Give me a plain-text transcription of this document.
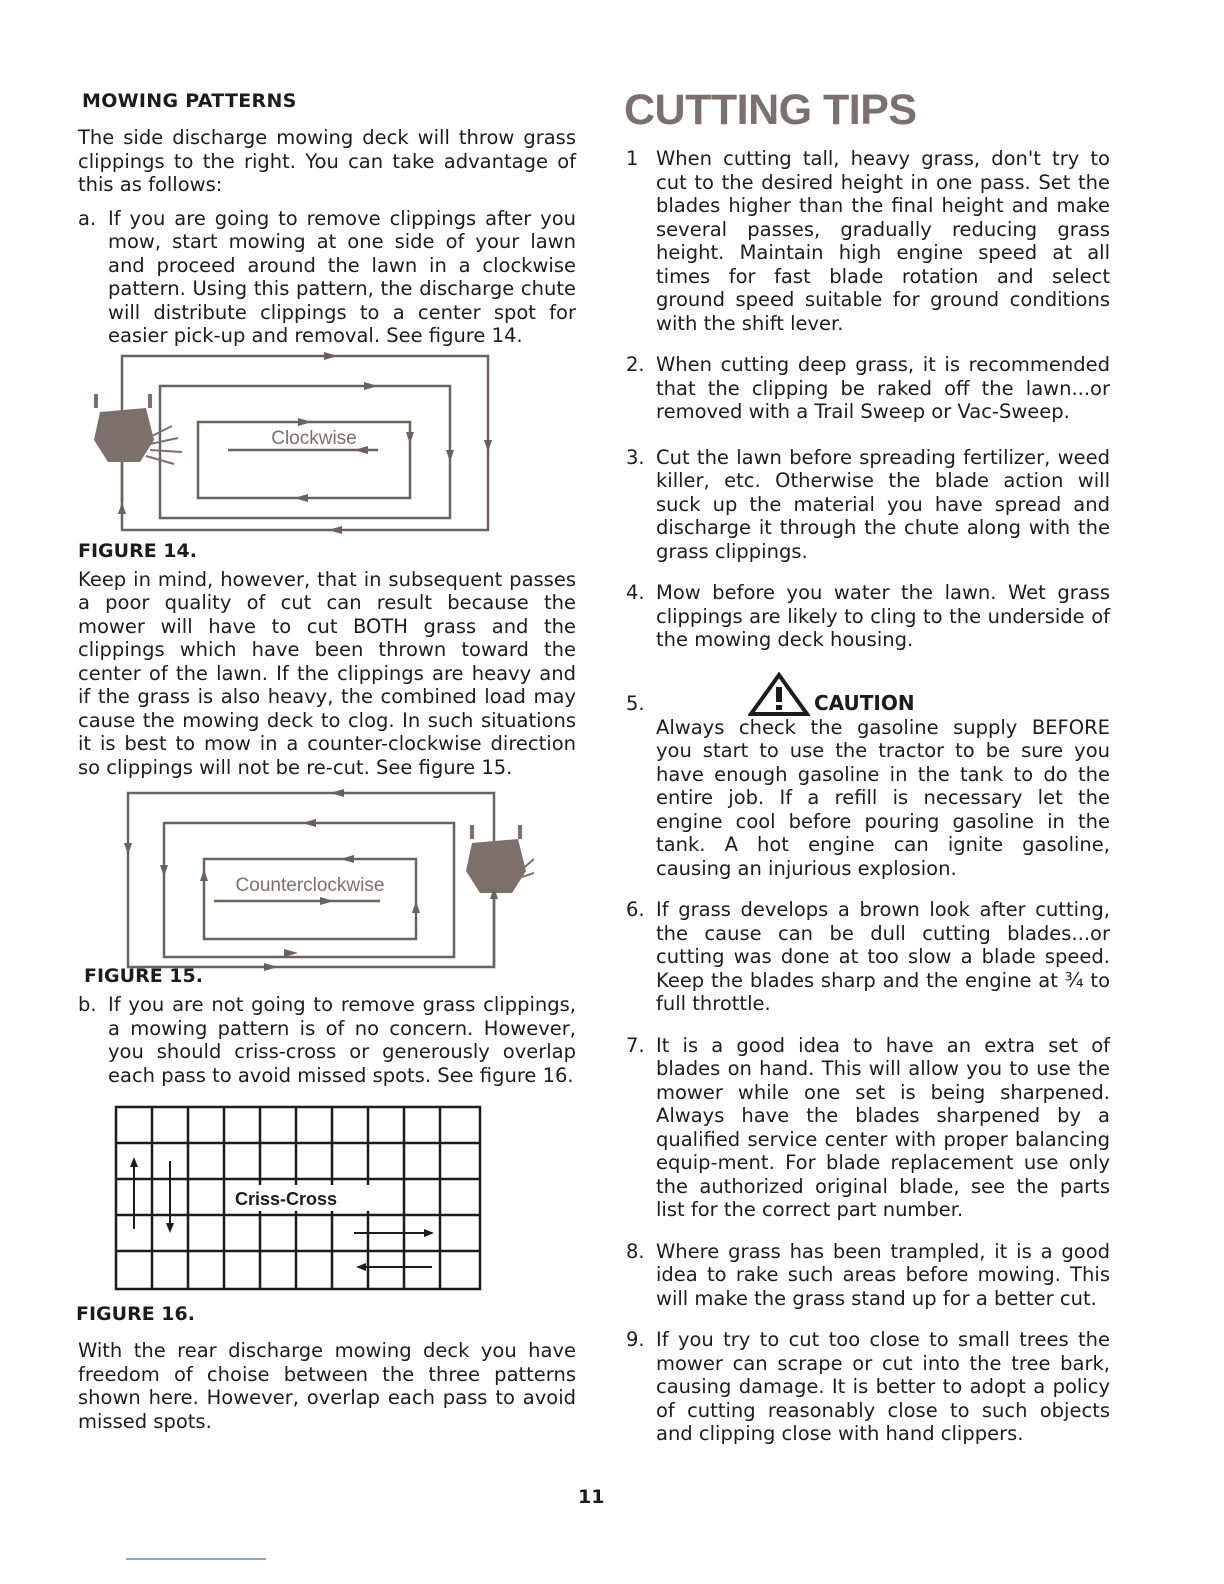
MOWING PATTERNS

The side discharge mowing deck will throw grass clippings to the right. You can take advantage of this as follows:

a. If you are going to remove clippings after you mow, start mowing at one side of your lawn and proceed around the lawn in a clockwise pattern. Using this pattern, the discharge chute will distribute clippings to a center spot for easier pick-up and removal. See figure 14.
Clockwise
FIGURE 14.

Keep in mind, however, that in subsequent passes a poor quality of cut can result because the mower will have to cut BOTH grass and the clippings which have been thrown toward the center of the lawn. If the clippings are heavy and if the grass is also heavy, the combined load may cause the mowing deck to clog. In such situations it is best to mow in a counter-clockwise direction so clippings will not be re-cut. See figure 15.

Counterclockwise
FIGURE 15.
b. If you are not going to remove grass clippings, a mowing pattern is of no concern. However, you should criss-cross or generously overlap each pass to avoid missed spots. See figure 16.
Criss-Cross
FIGURE 16.

With the rear discharge mowing deck you have freedom of choise between the three patterns shown here. However, overlap each pass to avoid missed spots.

CUTTING TIPS
1 When cutting tall, heavy grass, don't try to cut to the desired height in one pass. Set the blades higher than the final height and make several passes, gradually reducing grass height. Maintain high engine speed at all times for fast blade rotation and select ground speed suitable for ground conditions with the shift lever.
2. When cutting deep grass, it is recommended that the clipping be raked off the lawn...or removed with a Trail Sweep or Vac-Sweep.
3. Cut the lawn before spreading fertilizer, weed killer, etc. Otherwise the blade action will suck up the material you have spread and discharge it through the chute along with the grass clippings.
4. Mow before you water the lawn. Wet grass clippings are likely to cling to the underside of the mowing deck housing.
5.	CAUTION
Always check the gasoline supply BEFORE you start to use the tractor to be sure you have enough gasoline in the tank to do the entire job. If a refill is necessary let the engine cool before pouring gasoline in the tank. A hot engine can ignite gasoline, causing an injurious explosion.
6. If grass develops a brown look after cutting, the cause can be dull cutting blades...or cutting was done at too slow a blade speed. Keep the blades sharp and the engine at ¾ to full throttle.
7. It is a good idea to have an extra set of blades on hand. This will allow you to use the mower while one set is being sharpened. Always have the blades sharpened by a qualified service center with proper balancing equip-ment. For blade replacement use only the authorized original blade, see the parts list for the correct part number.
8. Where grass has been trampled, it is a good idea to rake such areas before mowing. This will make the grass stand up for a better cut.
9. If you try to cut too close to small trees the mower can scrape or cut into the tree bark, causing damage. It is better to adopt a policy of cutting reasonably close to such objects and clipping close with hand clippers.
11
